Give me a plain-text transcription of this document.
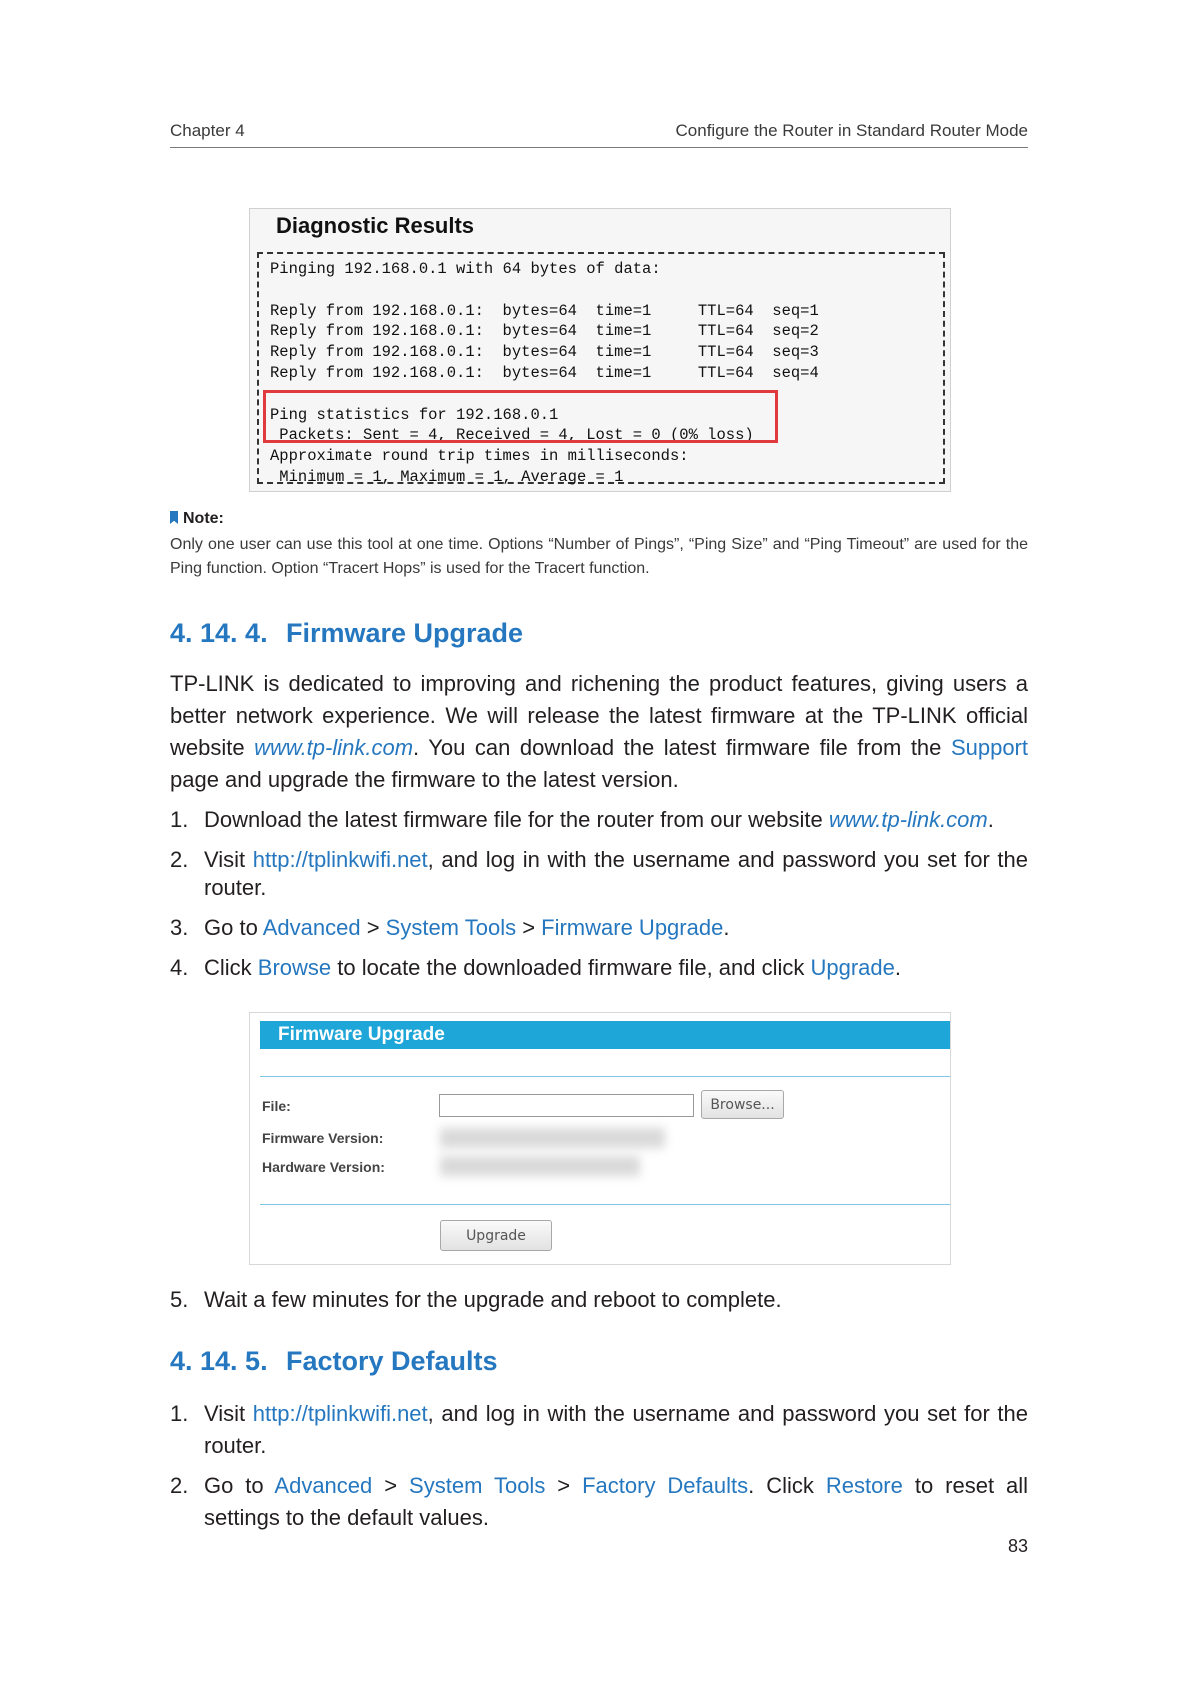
Chapter 4	Configure the Router in Standard Router Mode
Diagnostic Results
Pinging 192.168.0.1 with 64 bytes of data:

Reply from 192.168.0.1:  bytes=64  time=1     TTL=64  seq=1
Reply from 192.168.0.1:  bytes=64  time=1     TTL=64  seq=2
Reply from 192.168.0.1:  bytes=64  time=1     TTL=64  seq=3
Reply from 192.168.0.1:  bytes=64  time=1     TTL=64  seq=4

Ping statistics for 192.168.0.1
Packets: Sent = 4, Received = 4, Lost = 0 (0% loss)
Approximate round trip times in milliseconds:
Minimum = 1, Maximum = 1, Average = 1
Note:
Only one user can use this tool at one time. Options “Number of Pings”, “Ping Size” and “Ping Timeout” are used for the Ping function. Option “Tracert Hops” is used for the Tracert function.
4. 14. 4. Firmware Upgrade
TP-LINK is dedicated to improving and richening the product features, giving users a better network experience. We will release the latest firmware at the TP-LINK official website www.tp-link.com. You can download the latest firmware file from the Support page and upgrade the firmware to the latest version.
1. Download the latest firmware file for the router from our website www.tp-link.com.
2. Visit http://tplinkwifi.net, and log in with the username and password you set for the router.
3. Go to Advanced > System Tools > Firmware Upgrade.
4. Click Browse to locate the downloaded firmware file, and click Upgrade.
Firmware Upgrade
File:	Browse...
Firmware Version:
Hardware Version:
Upgrade
5. Wait a few minutes for the upgrade and reboot to complete.
4. 14. 5. Factory Defaults
1. Visit http://tplinkwifi.net, and log in with the username and password you set for the router.
2. Go to Advanced > System Tools > Factory Defaults. Click Restore to reset all settings to the default values.
83
